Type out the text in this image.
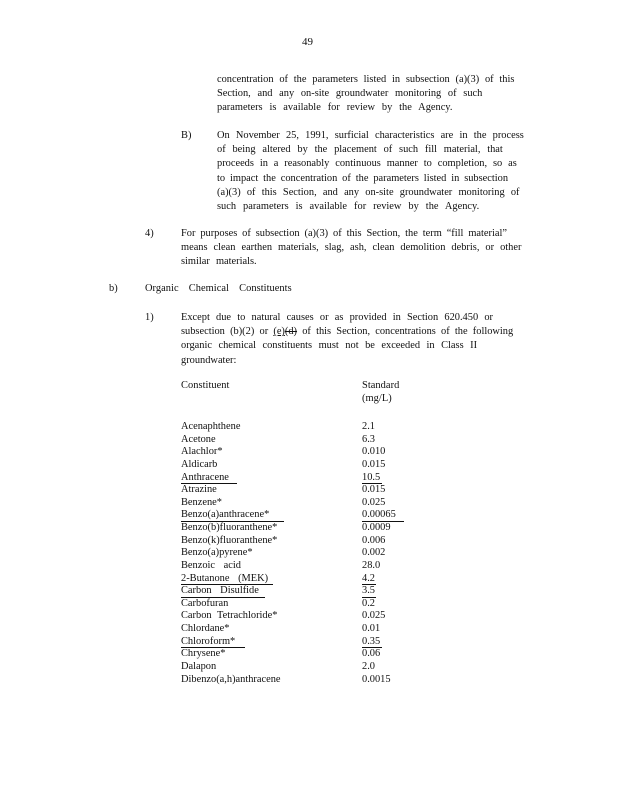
49
concentration of the parameters listed in subsection (a)(3) of this
Section, and any on-site groundwater monitoring of such
parameters is available for review by the Agency.
B) On November 25, 1991, surficial characteristics are in the process
of being altered by the placement of such fill material, that
proceeds in a reasonably continuous manner to completion, so as
to impact the concentration of the parameters listed in subsection
(a)(3) of this Section, and any on-site groundwater monitoring of
such parameters is available for review by the Agency.
4)	For purposes of subsection (a)(3) of this Section, the term “fill material”
means clean earthen materials, slag, ash, clean demolition debris, or other
similar materials.
b)	Organic Chemical Constituents
1)	Except due to natural causes or as provided in Section 620.450 or
subsection (b)(2) or (e)(d) of this Section, concentrations of the following
organic chemical constituents must not be exceeded in Class II
groundwater:
Constituent	Standard
(mg/L)
Acenaphthene	2.1
Acetone	6.3
Alachlor*	0.010
Aldicarb	0.015
Anthracene	10.5
Atrazine	0.015
Benzene*	0.025
Benzo(a)anthracene*	0.00065
Benzo(b)fluoranthene*	0.0009
Benzo(k)fluoranthene*	0.006
Benzo(a)pyrene*	0.002
Benzoic acid	28.0
2-Butanone (MEK)	4.2
Carbon Disulfide	3.5
Carbofuran	0.2
Carbon Tetrachloride*	0.025
Chlordane*	0.01
Chloroform*	0.35
Chrysene*	0.06
Dalapon	2.0
Dibenzo(a,h)anthracene	0.0015
